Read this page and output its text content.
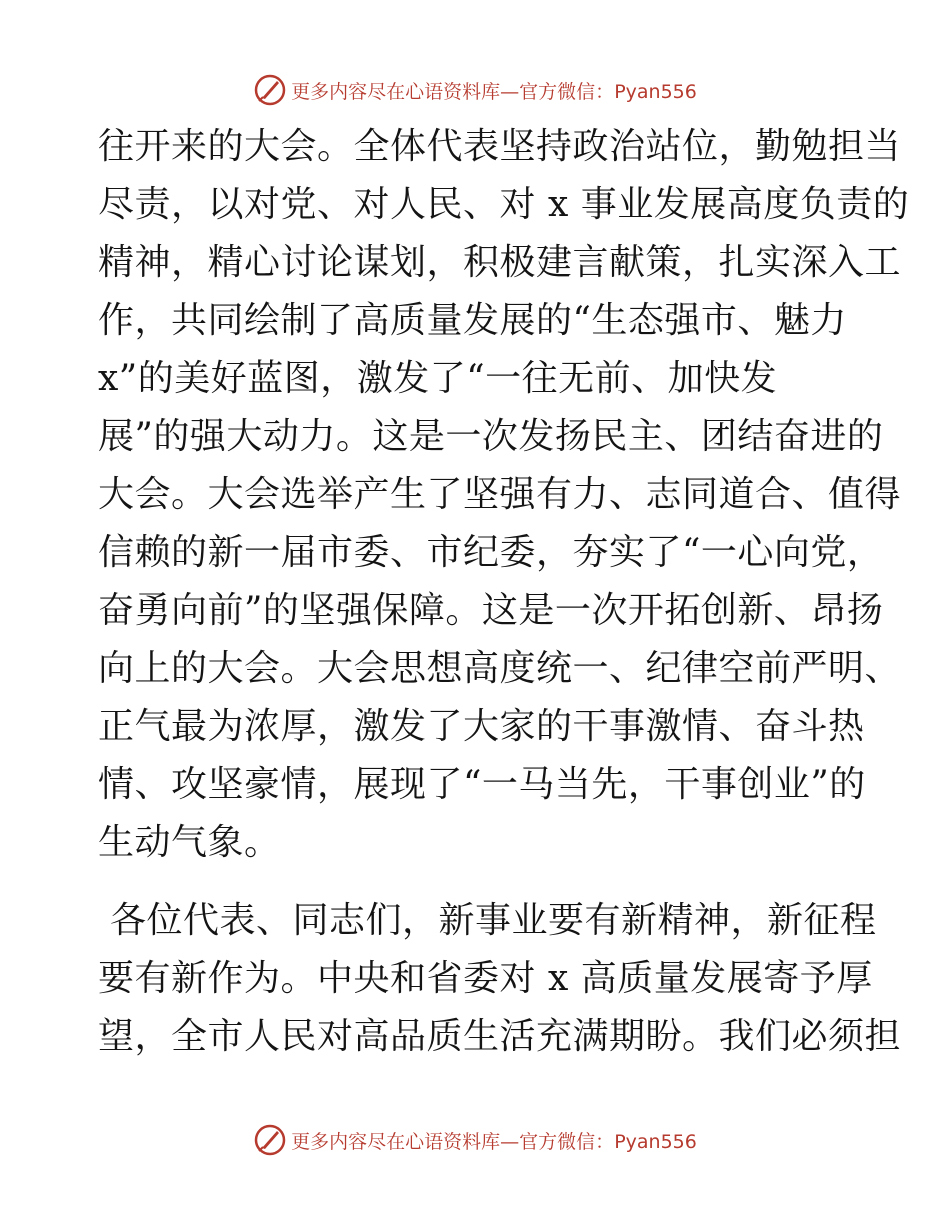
更多内容尽在心语资料库—官方微信：Pyan556
往开来的大会。全体代表坚持政治站位，勤勉担当
尽责，以对党、对人民、对 x 事业发展高度负责的
精神，精心讨论谋划，积极建言献策，扎实深入工
作，共同绘制了高质量发展的“生态强市、魅力
x”的美好蓝图，激发了“一往无前、加快发
展”的强大动力。这是一次发扬民主、团结奋进的
大会。大会选举产生了坚强有力、志同道合、值得
信赖的新一届市委、市纪委，夯实了“一心向党，
奋勇向前”的坚强保障。这是一次开拓创新、昂扬
向上的大会。大会思想高度统一、纪律空前严明、
正气最为浓厚，激发了大家的干事激情、奋斗热
情、攻坚豪情，展现了“一马当先，干事创业”的
生动气象。
各位代表、同志们，新事业要有新精神，新征程
要有新作为。中央和省委对 x 高质量发展寄予厚
望，全市人民对高品质生活充满期盼。我们必须担
更多内容尽在心语资料库—官方微信：Pyan556
